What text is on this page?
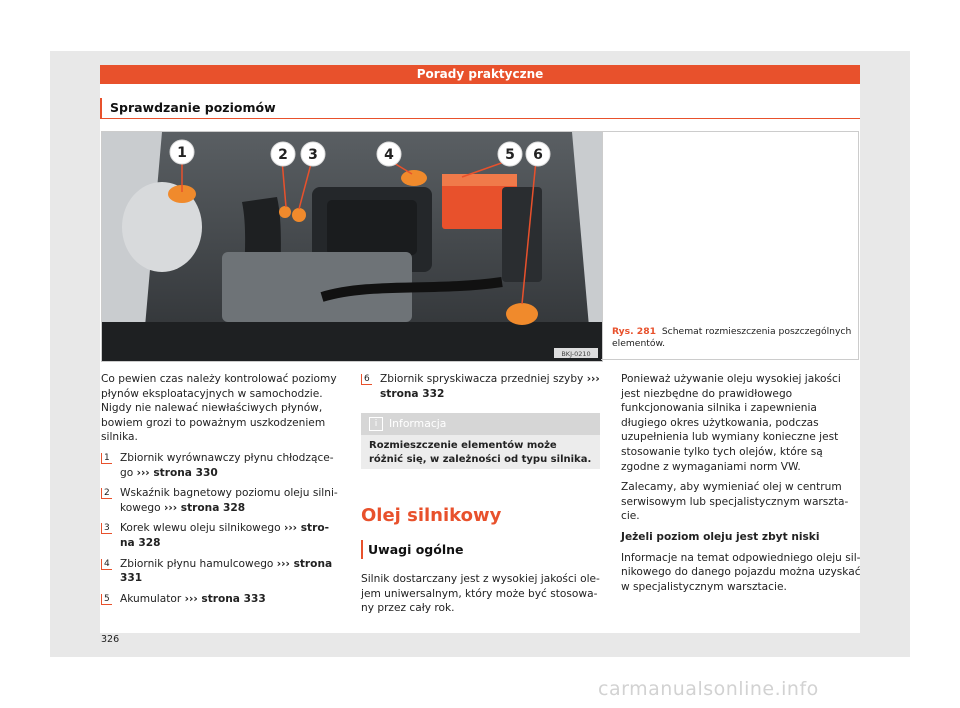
Porady praktyczne
Sprawdzanie poziomów
1	2 3	4	5 6
BKJ-0210
Rys. 281 Schemat rozmieszczenia poszczególnych elementów.

Co pewien czas należy kontrolować poziomy płynów eksploatacyjnych w samochodzie. Nigdy nie nalewać niewłaściwych płynów, bowiem grozi to poważnym uszkodzeniem silnika.

1 Zbiornik wyrównawczy płynu chłodzącego ››› strona 330
2 Wskaźnik bagnetowy poziomu oleju silnikowego ››› strona 328
3 Korek wlewu oleju silnikowego ››› strona 328
4 Zbiornik płynu hamulcowego ››› strona 331
5 Akumulator ››› strona 333
6 Zbiornik spryskiwacza przedniej szyby ››› strona 332
i Informacja
Rozmieszczenie elementów może różnić się, w zależności od typu silnika.
Olej silnikowy
Uwagi ogólne
Silnik dostarczany jest z wysokiej jakości olejem uniwersalnym, który może być stosowany przez cały rok.

Ponieważ używanie oleju wysokiej jakości jest niezbędne do prawidłowego funkcjonowania silnika i zapewnienia długiego okres użytkowania, podczas uzupełnienia lub wymiany konieczne jest stosowanie tylko tych olejów, które są zgodne z wymaganiami norm VW.

Zalecamy, aby wymieniać olej w centrum serwisowym lub specjalistycznym warsztacie.

Jeżeli poziom oleju jest zbyt niski

Informacje na temat odpowiedniego oleju silnikowego do danego pojazdu można uzyskać w specjalistycznym warsztacie.

326
carmanualsonline.info
